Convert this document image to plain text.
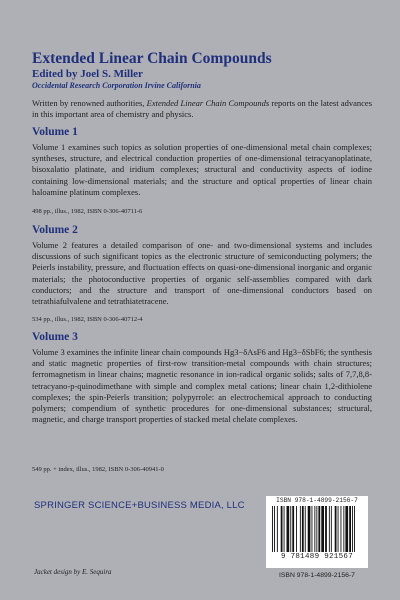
Extended Linear Chain Compounds
Edited by Joel S. Miller
Occidental Research Corporation Irvine California
Written by renowned authorities, Extended Linear Chain Compounds reports on the latest advances in this important area of chemistry and physics.
Volume 1
Volume 1 examines such topics as solution properties of one-dimensional metal chain complexes; syntheses, structure, and electrical conduction properties of one-dimensional tetracyanoplatinate, bisoxalatio platinate, and iridium complexes; structural and conductivity aspects of iodine containing low-dimensional materials; and the structure and optical properties of linear chain haloamine platinum complexes.
498 pp., illus., 1982, ISBN 0-306-40711-6
Volume 2
Volume 2 features a detailed comparison of one- and two-dimensional systems and includes discussions of such significant topics as the electronic structure of semiconducting polymers; the Peierls instability, pressure, and fluctuation effects on quasi-one-dimensional inorganic and organic materials; the photoconductive properties of organic self-assemblies compared with dark conductors; and the structure and transport of one-dimensional conductors based on tetrathiafulvalene and tetrathiatetracene.
534 pp., illus., 1982, ISBN 0-306-40712-4
Volume 3
Volume 3 examines the infinite linear chain compounds Hg3−δAsF6 and Hg3−δSbF6; the synthesis and static magnetic properties of first-row transition-metal compounds with chain structures; ferromagnetism in linear chains; magnetic resonance in ion-radical organic solids; salts of 7,7,8,8-tetracyano-p-quinodimethane with simple and complex metal cations; linear chain 1,2-dithiolene complexes; the spin-Peierls transition; polypyrrole: an electrochemical approach to conducting polymers; compendium of synthetic procedures for one-dimensional substances; structural, magnetic, and charge transport properties of stacked metal chelate complexes.
549 pp. + index, illus., 1982, ISBN 0-306-40941-0
SPRINGER SCIENCE+BUSINESS MEDIA, LLC	ISBN 978-1-4899-2156-7
9 781489 921567
Jacket design by E. Sequira	ISBN 978-1-4899-2156-7
